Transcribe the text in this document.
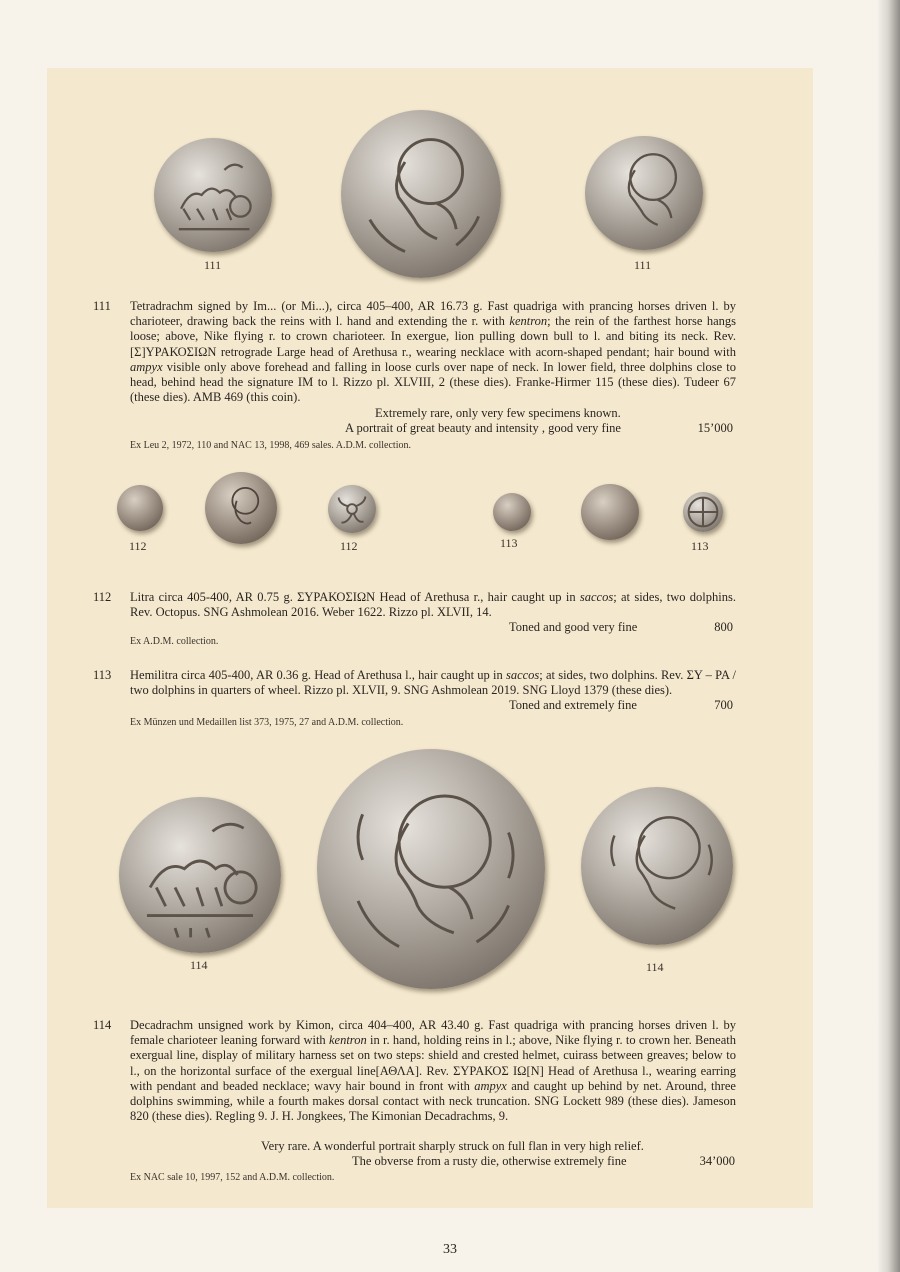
111	111
111 Tetradrachm signed by Im... (or Mi...), circa 405–400, AR 16.73 g. Fast quadriga with prancing horses driven l. by charioteer, drawing back the reins with l. hand and extending the r. with kentron; the rein of the farthest horse hangs loose; above, Nike flying r. to crown charioteer. In exergue, lion pulling down bull to l. and biting its neck. Rev. [Σ]ΥΡΑΚΟΣΙΩΝ retrograde Large head of Arethusa r., wearing necklace with acorn-shaped pendant; hair bound with ampyx visible only above forehead and falling in loose curls over nape of neck. In lower field, three dolphins close to head, behind head the signature IM to l. Rizzo pl. XLVIII, 2 (these dies). Franke-Hirmer 115 (these dies). Tudeer 67 (these dies). AMB 469 (this coin).
Extremely rare, only very few specimens known.
A portrait of great beauty and intensity , good very fine	15’000
Ex Leu 2, 1972, 110 and NAC 13, 1998, 469 sales. A.D.M. collection.
112	112	113	113
112 Litra circa 405-400, AR 0.75 g. ΣΥΡΑΚΟΣΙΩΝ Head of Arethusa r., hair caught up in saccos; at sides, two dolphins. Rev. Octopus. SNG Ashmolean 2016. Weber 1622. Rizzo pl. XLVII, 14.
Toned and good very fine	800
Ex A.D.M. collection.
113 Hemilitra circa 405-400, AR 0.36 g. Head of Arethusa l., hair caught up in saccos; at sides, two dolphins. Rev. ΣΥ – PA / two dolphins in quarters of wheel. Rizzo pl. XLVII, 9. SNG Ashmolean 2019. SNG Lloyd 1379 (these dies).
Toned and extremely fine	700
Ex Münzen und Medaillen list 373, 1975, 27 and A.D.M. collection.
114	114
114 Decadrachm unsigned work by Kimon, circa 404–400, AR 43.40 g. Fast quadriga with prancing horses driven l. by female charioteer leaning forward with kentron in r. hand, holding reins in l.; above, Nike flying r. to crown her. Beneath exergual line, display of military harness set on two steps: shield and crested helmet, cuirass between greaves; below to l., on the horizontal surface of the exergual line[ΑΘΛΑ]. Rev. ΣΥΡΑΚΟΣ ΙΩ[Ν] Head of Arethusa l., wearing earring with pendant and beaded necklace; wavy hair bound in front with ampyx and caught up behind by net. Around, three dolphins swimming, while a fourth makes dorsal contact with neck truncation. SNG Lockett 989 (these dies). Jameson 820 (these dies). Regling 9. J. H. Jongkees, The Kimonian Decadrachms, 9.
Very rare. A wonderful portrait sharply struck on full flan in very high relief.
The obverse from a rusty die, otherwise extremely fine	34’000
Ex NAC sale 10, 1997, 152 and A.D.M. collection.
33
